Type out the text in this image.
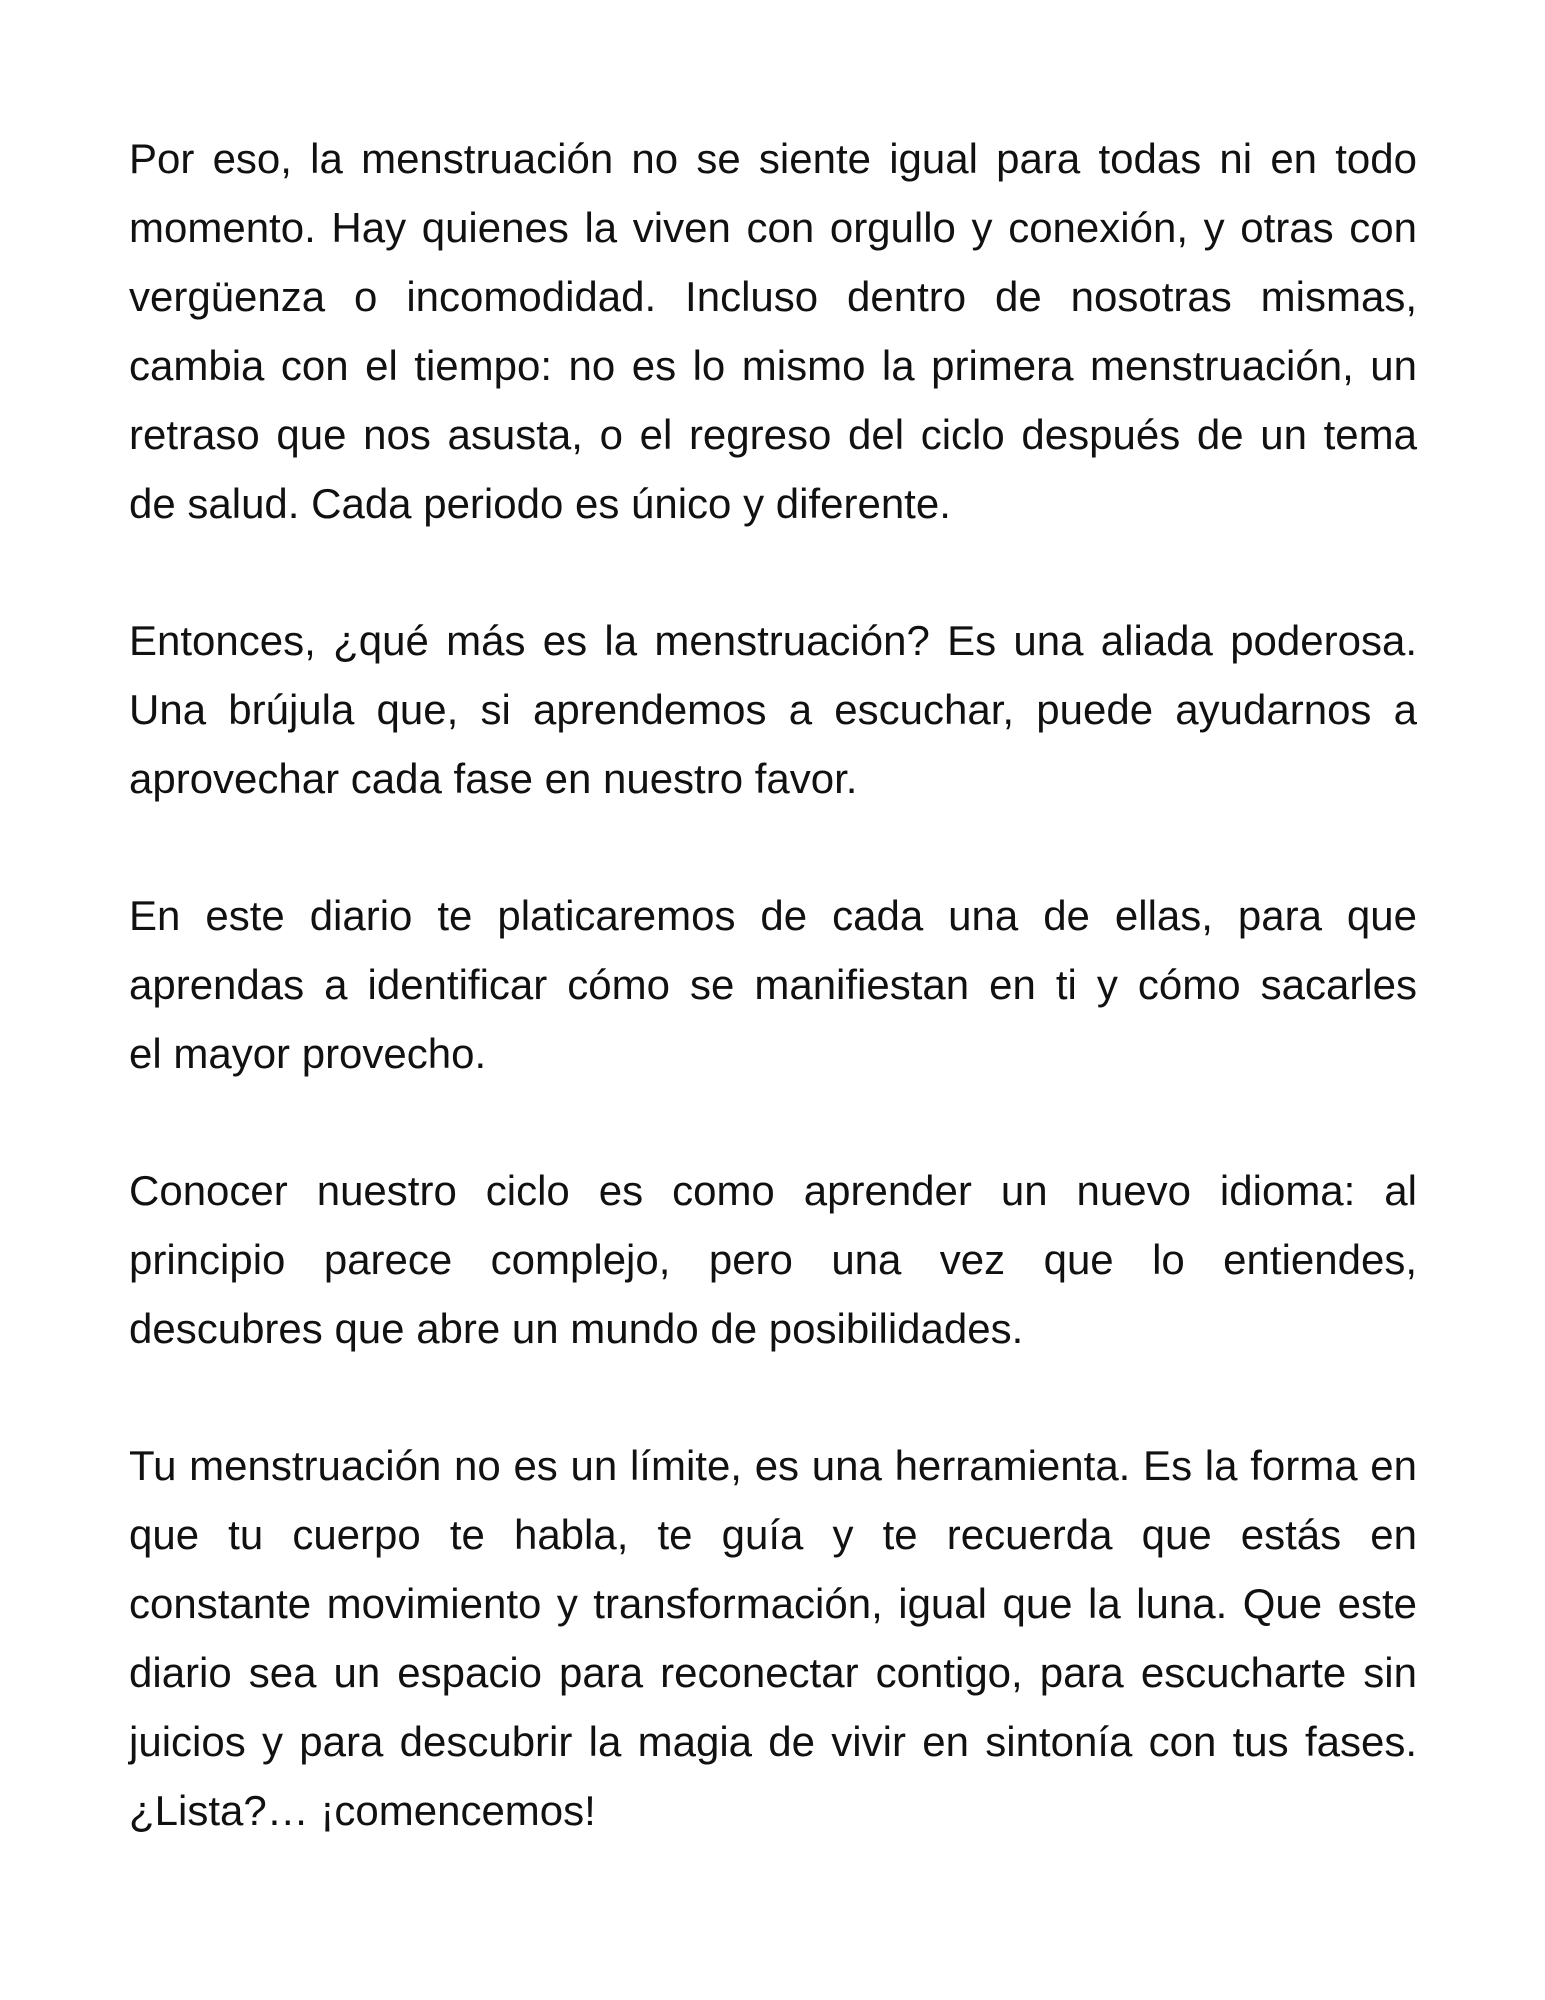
Por eso, la menstruación no se siente igual para todas ni en todo
momento. Hay quienes la viven con orgullo y conexión, y otras con
vergüenza o incomodidad. Incluso dentro de nosotras mismas,
cambia con el tiempo: no es lo mismo la primera menstruación, un
retraso que nos asusta, o el regreso del ciclo después de un tema
de salud. Cada periodo es único y diferente.
Entonces, ¿qué más es la menstruación? Es una aliada poderosa.
Una brújula que, si aprendemos a escuchar, puede ayudarnos a
aprovechar cada fase en nuestro favor.
En este diario te platicaremos de cada una de ellas, para que
aprendas a identificar cómo se manifiestan en ti y cómo sacarles
el mayor provecho.
Conocer nuestro ciclo es como aprender un nuevo idioma: al
principio parece complejo, pero una vez que lo entiendes,
descubres que abre un mundo de posibilidades.
Tu menstruación no es un límite, es una herramienta. Es la forma en
que tu cuerpo te habla, te guía y te recuerda que estás en
constante movimiento y transformación, igual que la luna. Que este
diario sea un espacio para reconectar contigo, para escucharte sin
juicios y para descubrir la magia de vivir en sintonía con tus fases.
¿Lista?… ¡comencemos!
